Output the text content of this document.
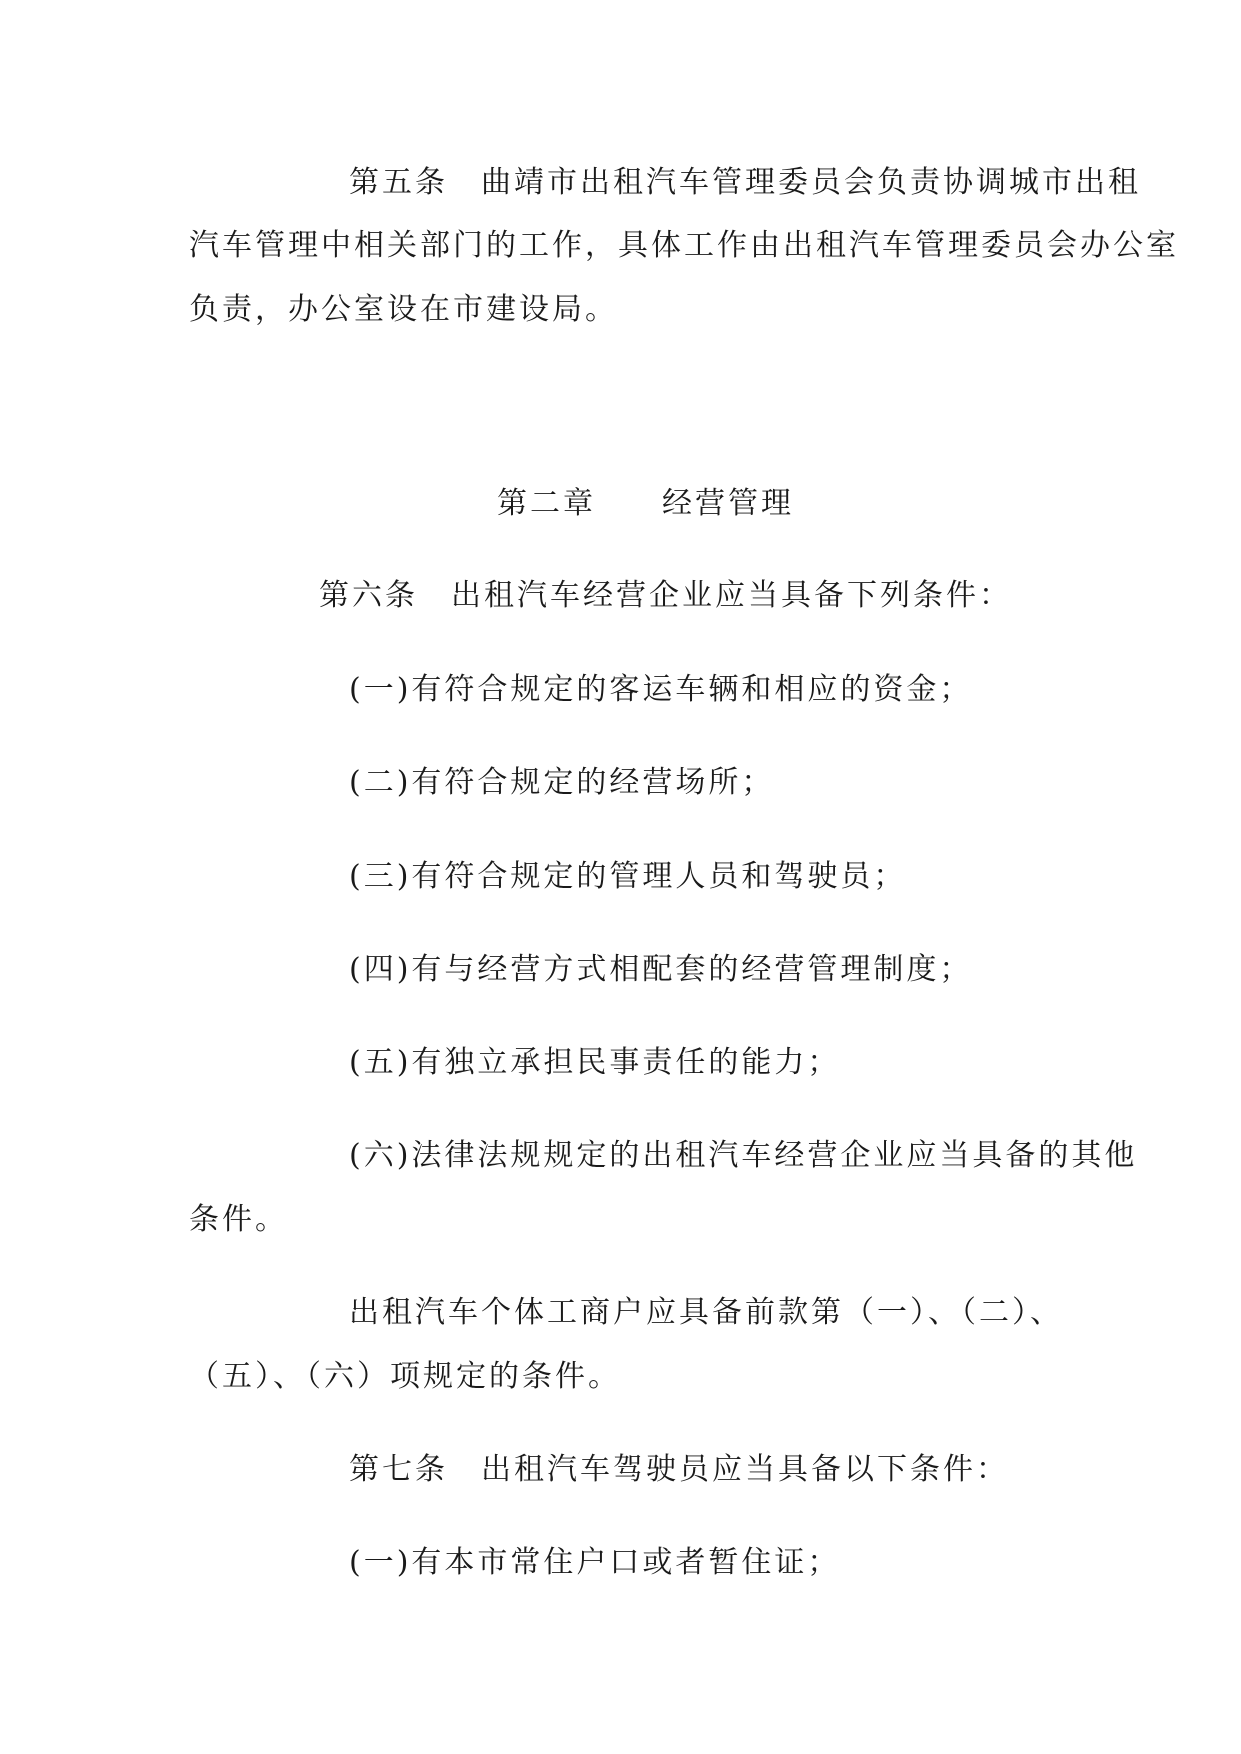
第五条　曲靖市出租汽车管理委员会负责协调城市出租
汽车管理中相关部门的工作，具体工作由出租汽车管理委员会办公室
负责，办公室设在市建设局。
第二章　　经营管理
第六条　出租汽车经营企业应当具备下列条件：
(一)有符合规定的客运车辆和相应的资金；
(二)有符合规定的经营场所；
(三)有符合规定的管理人员和驾驶员；
(四)有与经营方式相配套的经营管理制度；
(五)有独立承担民事责任的能力；
(六)法律法规规定的出租汽车经营企业应当具备的其他
条件。
出租汽车个体工商户应具备前款第（一）、（二）、
（五）、（六）项规定的条件。
第七条　出租汽车驾驶员应当具备以下条件：
(一)有本市常住户口或者暂住证；
